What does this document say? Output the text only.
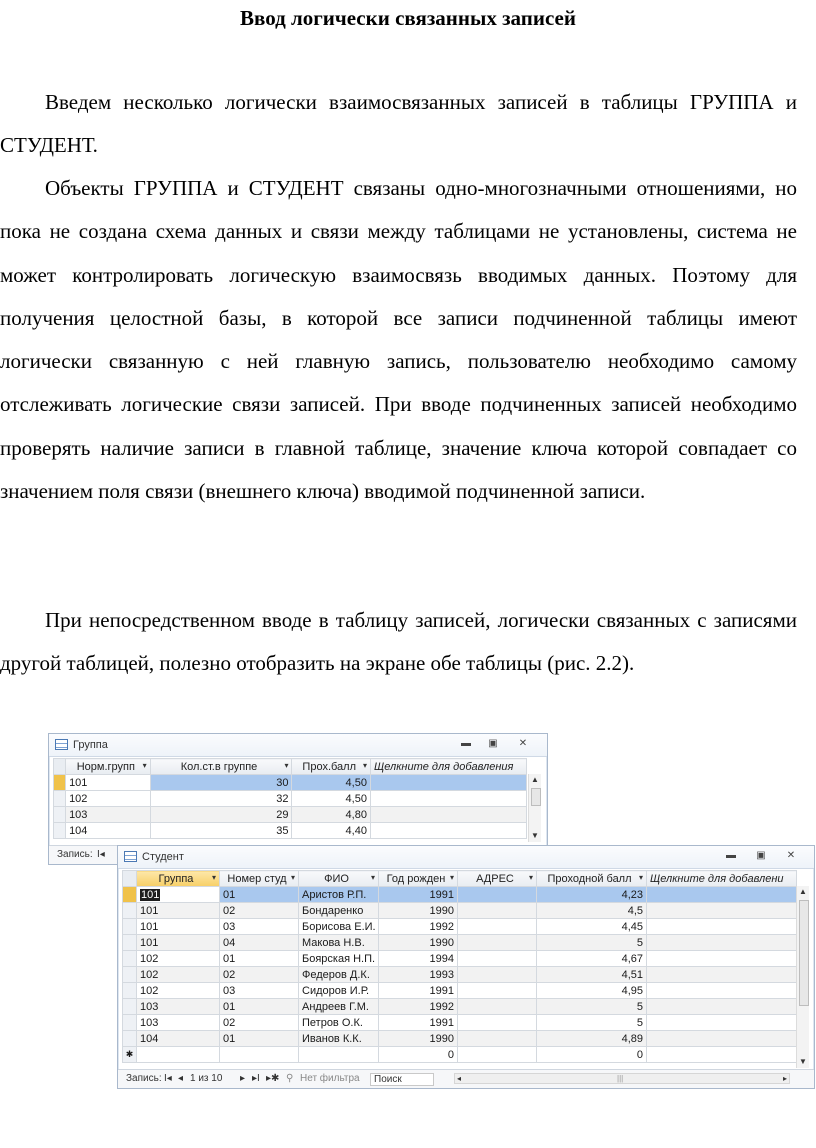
Ввод логически связанных записей

Введем несколько логически взаимосвязанных записей в таблицы ГРУППА и СТУДЕНТ.

Объекты ГРУППА и СТУДЕНТ связаны одно-многозначными отношениями, но пока не создана схема данных и связи между таблицами не установлены, система не может контролировать логическую взаимосвязь вводимых данных. Поэтому для получения целостной базы, в которой все записи подчиненной таблицы имеют логически связанную с ней главную запись, пользователю необходимо самому отслеживать логические связи записей. При вводе подчиненных записей необходимо проверять наличие записи в главной таблице, значение ключа которой совпадает со значением поля связи (внешнего ключа) вводимой подчиненной записи.

При непосредственном вводе в таблицу записей, логически связанных с записями другой таблицей, полезно отобразить на экране обе таблицы (рис. 2.2).

Группа	▬	▣	✕
	Норм.групп ▾	Кол.ст.в группе ▾	Прох.балл ▾	Щелкните для добавления
	101	30	4,50	
	102	32	4,50	
	103	29	4,80	
	104	35	4,40	
▲
▼
Запись: I◂	Студент	▬	▣	✕
	Группа ▾	Номер студ ▾	ФИО ▾	Год рожден ▾	АДРЕС ▾	Проходной балл ▾	Щелкните для добавлени
	101	01	Аристов Р.П.	1991		4,23	
	101	02	Бондаренко	1990		4,5	
	101	03	Борисова Е.И.	1992		4,45	
	101	04	Макова Н.В.	1990		5	
	102	01	Боярская Н.П.	1994		4,67	
	102	02	Федеров Д.К.	1993		4,51	
	102	03	Сидоров И.Р.	1991		4,95	
	103	01	Андреев Г.М.	1992		5	
	103	02	Петров О.К.	1991		5	
	104	01	Иванов К.К.	1990		4,89	
✱				0		0	
▲
▼
Запись: I◂ ◂ 1 из 10 ▸ ▸I ▸✱ ⚲ Нет фильтра	Поиск	◂	|||	▸
